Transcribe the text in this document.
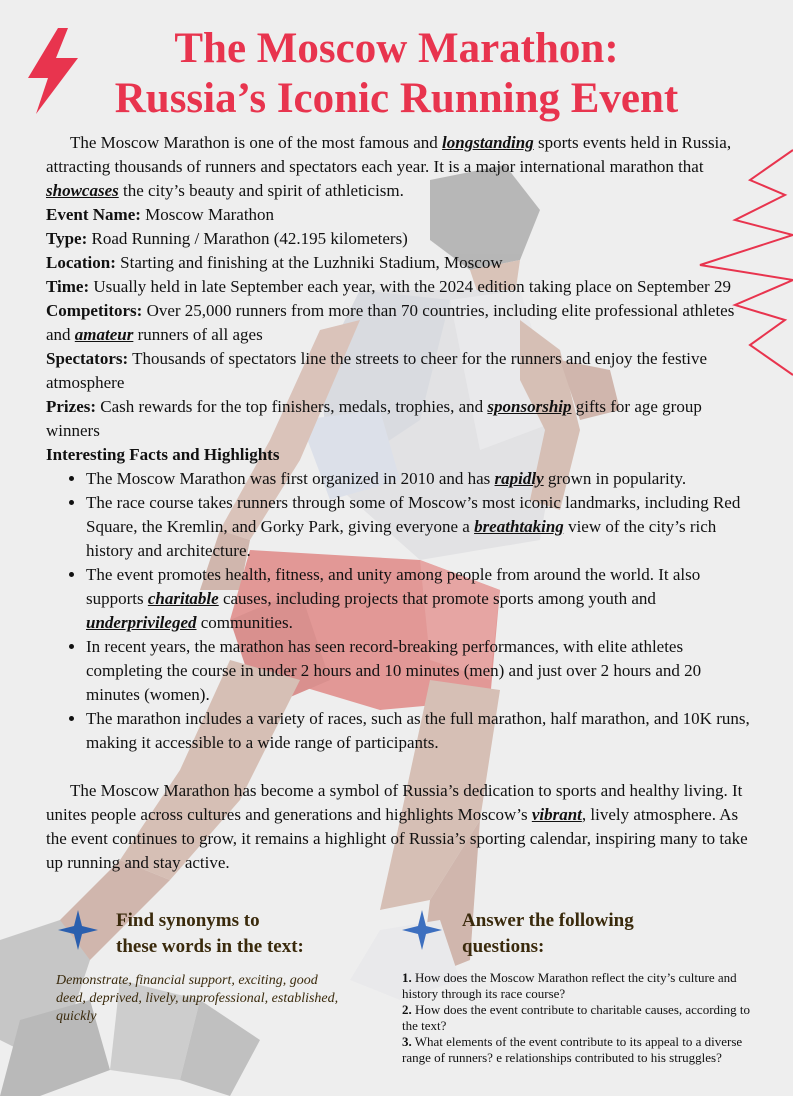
The Moscow Marathon:
Russia’s Iconic Running Event

The Moscow Marathon is one of the most famous and longstanding sports events held in Russia, attracting thousands of runners and spectators each year. It is a major international marathon that showcases the city’s beauty and spirit of athleticism.

Event Name: Moscow Marathon

Type: Road Running / Marathon (42.195 kilometers)

Location: Starting and finishing at the Luzhniki Stadium, Moscow

Time: Usually held in late September each year, with the 2024 edition taking place on September 29

Competitors: Over 25,000 runners from more than 70 countries, including elite professional athletes and amateur runners of all ages

Spectators: Thousands of spectators line the streets to cheer for the runners and enjoy the festive atmosphere

Prizes: Cash rewards for the top finishers, medals, trophies, and sponsorship gifts for age group winners

Interesting Facts and Highlights

• The Moscow Marathon was first organized in 2010 and has rapidly grown in popularity.
• The race course takes runners through some of Moscow’s most iconic landmarks, including Red Square, the Kremlin, and Gorky Park, giving everyone a breathtaking view of the city’s rich history and architecture.
• The event promotes health, fitness, and unity among people from around the world. It also supports charitable causes, including projects that promote sports among youth and underprivileged communities.
• In recent years, the marathon has seen record-breaking performances, with elite athletes completing the course in under 2 hours and 10 minutes (men) and just over 2 hours and 20 minutes (women).
• The marathon includes a variety of races, such as the full marathon, half marathon, and 10K runs, making it accessible to a wide range of participants.

The Moscow Marathon has become a symbol of Russia’s dedication to sports and healthy living. It unites people across cultures and generations and highlights Moscow’s vibrant, lively atmosphere. As the event continues to grow, it remains a highlight of Russia’s sporting calendar, inspiring many to take up running and stay active.

Find synonyms to
these words in the text:
Demonstrate, financial support, exciting, good deed, deprived, lively, unprofessional, established, quickly
Answer the following
questions:
1. How does the Moscow Marathon reflect the city’s culture and history through its race course?
2. How does the event contribute to charitable causes, according to the text?
3. What elements of the event contribute to its appeal to a diverse range of runners? e relationships contributed to his struggles?
